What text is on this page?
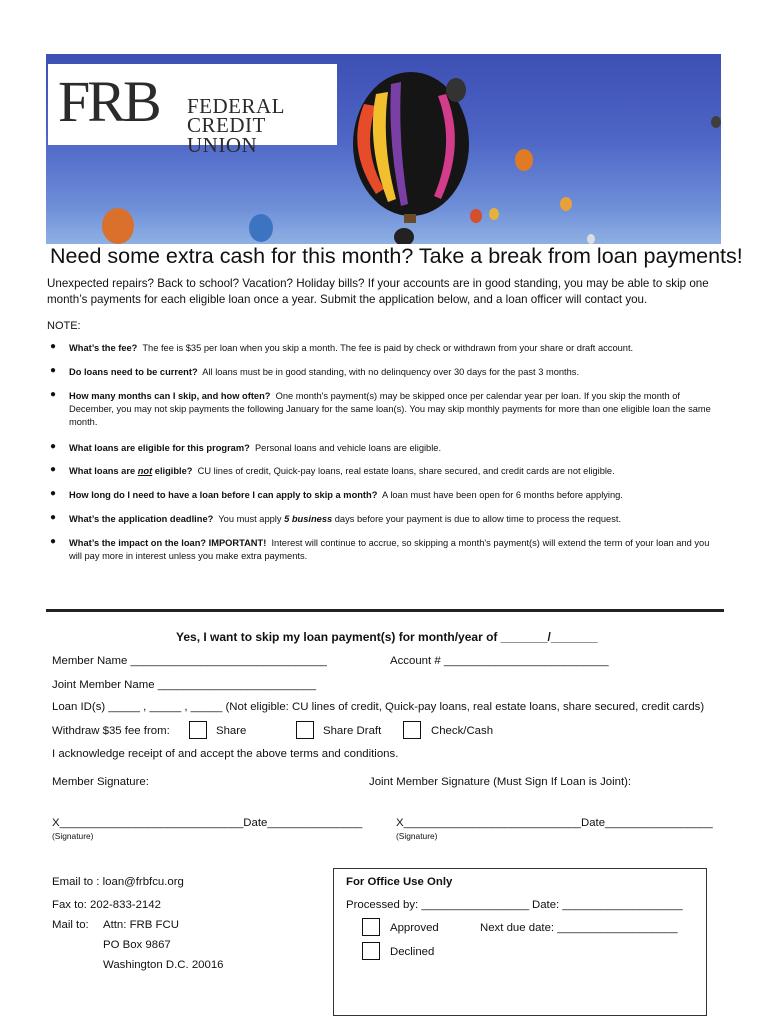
FRB FEDERAL
CREDIT UNION
Need some extra cash for this month? Take a break from loan payments!
Unexpected repairs? Back to school? Vacation? Holiday bills? If your accounts are in good standing, you may be able to skip one
month’s payments for each eligible loan once a year. Submit the application below, and a loan officer will contact you.
NOTE:
● What’s the fee? The fee is $35 per loan when you skip a month. The fee is paid by check or withdrawn from your share or draft account.
● Do loans need to be current? All loans must be in good standing, with no delinquency over 30 days for the past 3 months.
● How many months can I skip, and how often? One month's payment(s) may be skipped once per calendar year per loan. If you skip the month of December, you may not skip payments the following January for the same loan(s). You may skip monthly payments for more than one eligible loan the same month.
● What loans are eligible for this program? Personal loans and vehicle loans are eligible.
● What loans are not eligible? CU lines of credit, Quick-pay loans, real estate loans, share secured, and credit cards are not eligible.
● How long do I need to have a loan before I can apply to skip a month? A loan must have been open for 6 months before applying.
● What’s the application deadline? You must apply 5 business days before your payment is due to allow time to process the request.
● What’s the impact on the loan? IMPORTANT! Interest will continue to accrue, so skipping a month's payment(s) will extend the term of your loan and you will pay more in interest unless you make extra payments.
Yes, I want to skip my loan payment(s) for month/year of _______/_______
Member Name _______________________________	Account # __________________________
Joint Member Name _________________________
Loan ID(s) _____ , _____ , _____ (Not eligible: CU lines of credit, Quick-pay loans, real estate loans, share secured, credit cards)
Withdraw $35 fee from:	Share	Share Draft	Check/Cash
I acknowledge receipt of and accept the above terms and conditions.
Member Signature:	Joint Member Signature (Must Sign If Loan is Joint):
X_____________________________Date_______________
(Signature)
X____________________________Date_________________
(Signature)
Email to : loan@frbfcu.org
Fax to: 202-833-2142
Mail to: Attn: FRB FCU
PO Box 9867
Washington D.C. 20016
For Office Use Only
Processed by: _________________ Date: ___________________
Approved	Next due date: ___________________
Declined
